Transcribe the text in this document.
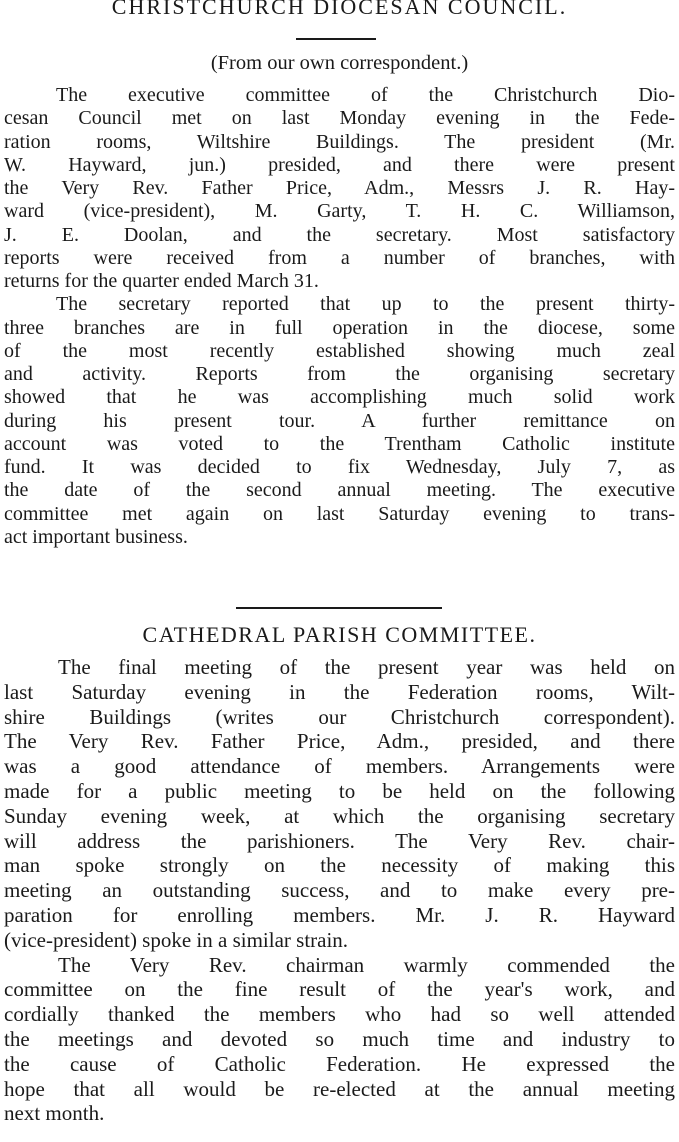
CHRISTCHURCH DIOCESAN COUNCIL.
(From our own correspondent.)
The executive committee of the Christchurch Dio-
cesan Council met on last Monday evening in the Fede-
ration rooms, Wiltshire Buildings. The president (Mr.
W. Hayward, jun.) presided, and there were present
the Very Rev. Father Price, Adm., Messrs J. R. Hay-
ward (vice-president), M. Garty, T. H. C. Williamson,
J. E. Doolan, and the secretary. Most satisfactory
reports were received from a number of branches, with
returns for the quarter ended March 31.
The secretary reported that up to the present thirty-
three branches are in full operation in the diocese, some
of the most recently established showing much zeal
and activity. Reports from the organising secretary
showed that he was accomplishing much solid work
during his present tour. A further remittance on
account was voted to the Trentham Catholic institute
fund. It was decided to fix Wednesday, July 7, as
the date of the second annual meeting. The executive
committee met again on last Saturday evening to trans-
act important business.
CATHEDRAL PARISH COMMITTEE.
The final meeting of the present year was held on
last Saturday evening in the Federation rooms, Wilt-
shire Buildings (writes our Christchurch correspondent).
The Very Rev. Father Price, Adm., presided, and there
was a good attendance of members. Arrangements were
made for a public meeting to be held on the following
Sunday evening week, at which the organising secretary
will address the parishioners. The Very Rev. chair-
man spoke strongly on the necessity of making this
meeting an outstanding success, and to make every pre-
paration for enrolling members. Mr. J. R. Hayward
(vice-president) spoke in a similar strain.
The Very Rev. chairman warmly commended the
committee on the fine result of the year's work, and
cordially thanked the members who had so well attended
the meetings and devoted so much time and industry to
the cause of Catholic Federation. He expressed the
hope that all would be re-elected at the annual meeting
next month.
